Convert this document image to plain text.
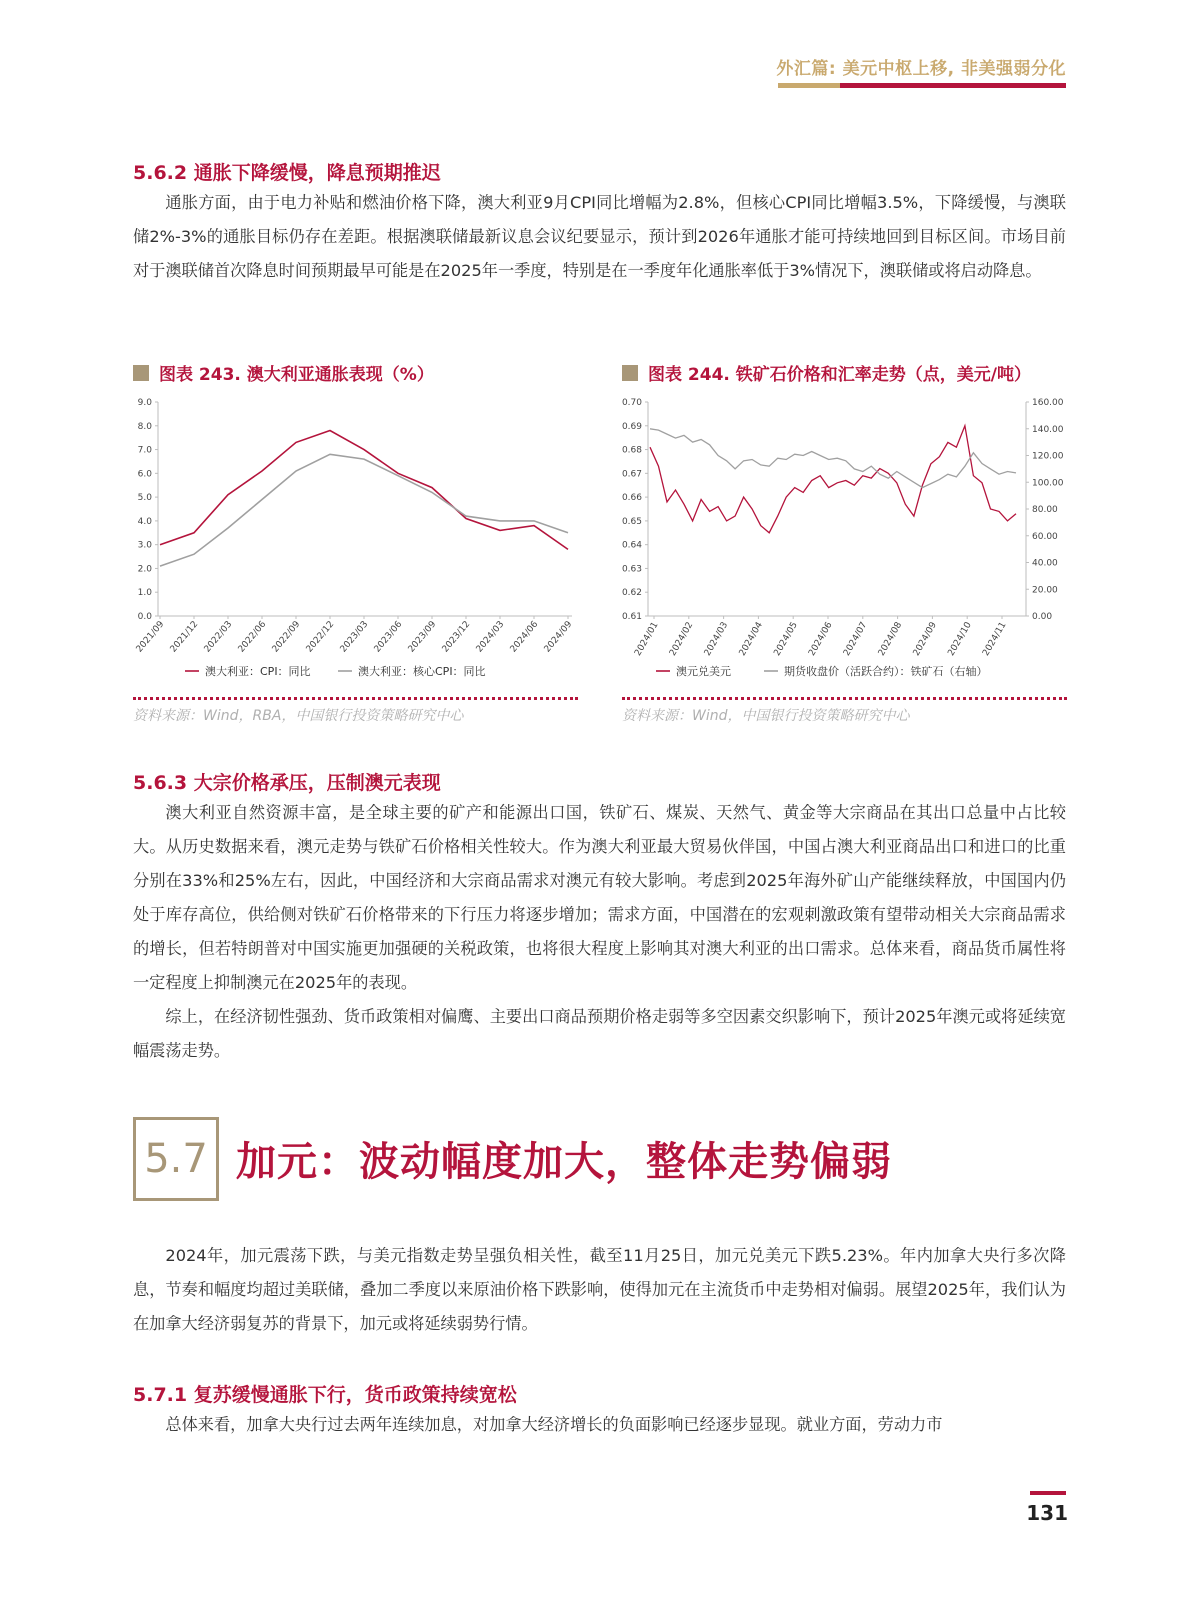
外汇篇: 美元中枢上移, 非美强弱分化
5.6.2 通胀下降缓慢，降息预期推迟

通胀方面，由于电力补贴和燃油价格下降，澳大利亚9月CPI同比增幅为2.8%，但核心CPI同比增幅3.5%，下降缓慢，与澳联储2%-3%的通胀目标仍存在差距。根据澳联储最新议息会议纪要显示，预计到2026年通胀才能可持续地回到目标区间。市场目前对于澳联储首次降息时间预期最早可能是在2025年一季度，特别是在一季度年化通胀率低于3%情况下，澳联储或将启动降息。

图表 243. 澳大利亚通胀表现（%）
0.0
1.0
2.0
3.0
4.0
5.0
6.0
7.0
8.0
9.0
2021/09 2021/12 2022/03 2022/06 2022/09 2022/12 2023/03 2023/06 2023/09 2023/12 2024/03 2024/06 2024/09
澳大利亚：CPI：同比	澳大利亚：核心CPI：同比
资料来源：Wind，RBA，中国银行投资策略研究中心
图表 244. 铁矿石价格和汇率走势（点，美元/吨）
0.61
0.62
0.63
0.64
0.65
0.66
0.67
0.68
0.69
0.70
0.00
20.00
40.00
60.00
80.00
100.00
120.00
140.00
160.00
2024/01 2024/02 2024/03 2024/04 2024/05 2024/06 2024/07 2024/08 2024/09 2024/10 2024/11
澳元兑美元	期货收盘价（活跃合约）：铁矿石（右轴）
资料来源：Wind，中国银行投资策略研究中心
5.6.3 大宗价格承压，压制澳元表现

澳大利亚自然资源丰富，是全球主要的矿产和能源出口国，铁矿石、煤炭、天然气、黄金等大宗商品在其出口总量中占比较大。从历史数据来看，澳元走势与铁矿石价格相关性较大。作为澳大利亚最大贸易伙伴国，中国占澳大利亚商品出口和进口的比重分别在33%和25%左右，因此，中国经济和大宗商品需求对澳元有较大影响。考虑到2025年海外矿山产能继续释放，中国国内仍处于库存高位，供给侧对铁矿石价格带来的下行压力将逐步增加；需求方面，中国潜在的宏观刺激政策有望带动相关大宗商品需求的增长，但若特朗普对中国实施更加强硬的关税政策，也将很大程度上影响其对澳大利亚的出口需求。总体来看，商品货币属性将一定程度上抑制澳元在2025年的表现。

综上，在经济韧性强劲、货币政策相对偏鹰、主要出口商品预期价格走弱等多空因素交织影响下，预计2025年澳元或将延续宽幅震荡走势。

5.7 加元：波动幅度加大，整体走势偏弱

2024年，加元震荡下跌，与美元指数走势呈强负相关性，截至11月25日，加元兑美元下跌5.23%。年内加拿大央行多次降息，节奏和幅度均超过美联储，叠加二季度以来原油价格下跌影响，使得加元在主流货币中走势相对偏弱。展望2025年，我们认为在加拿大经济弱复苏的背景下，加元或将延续弱势行情。

5.7.1 复苏缓慢通胀下行，货币政策持续宽松

总体来看，加拿大央行过去两年连续加息，对加拿大经济增长的负面影响已经逐步显现。就业方面，劳动力市

131
